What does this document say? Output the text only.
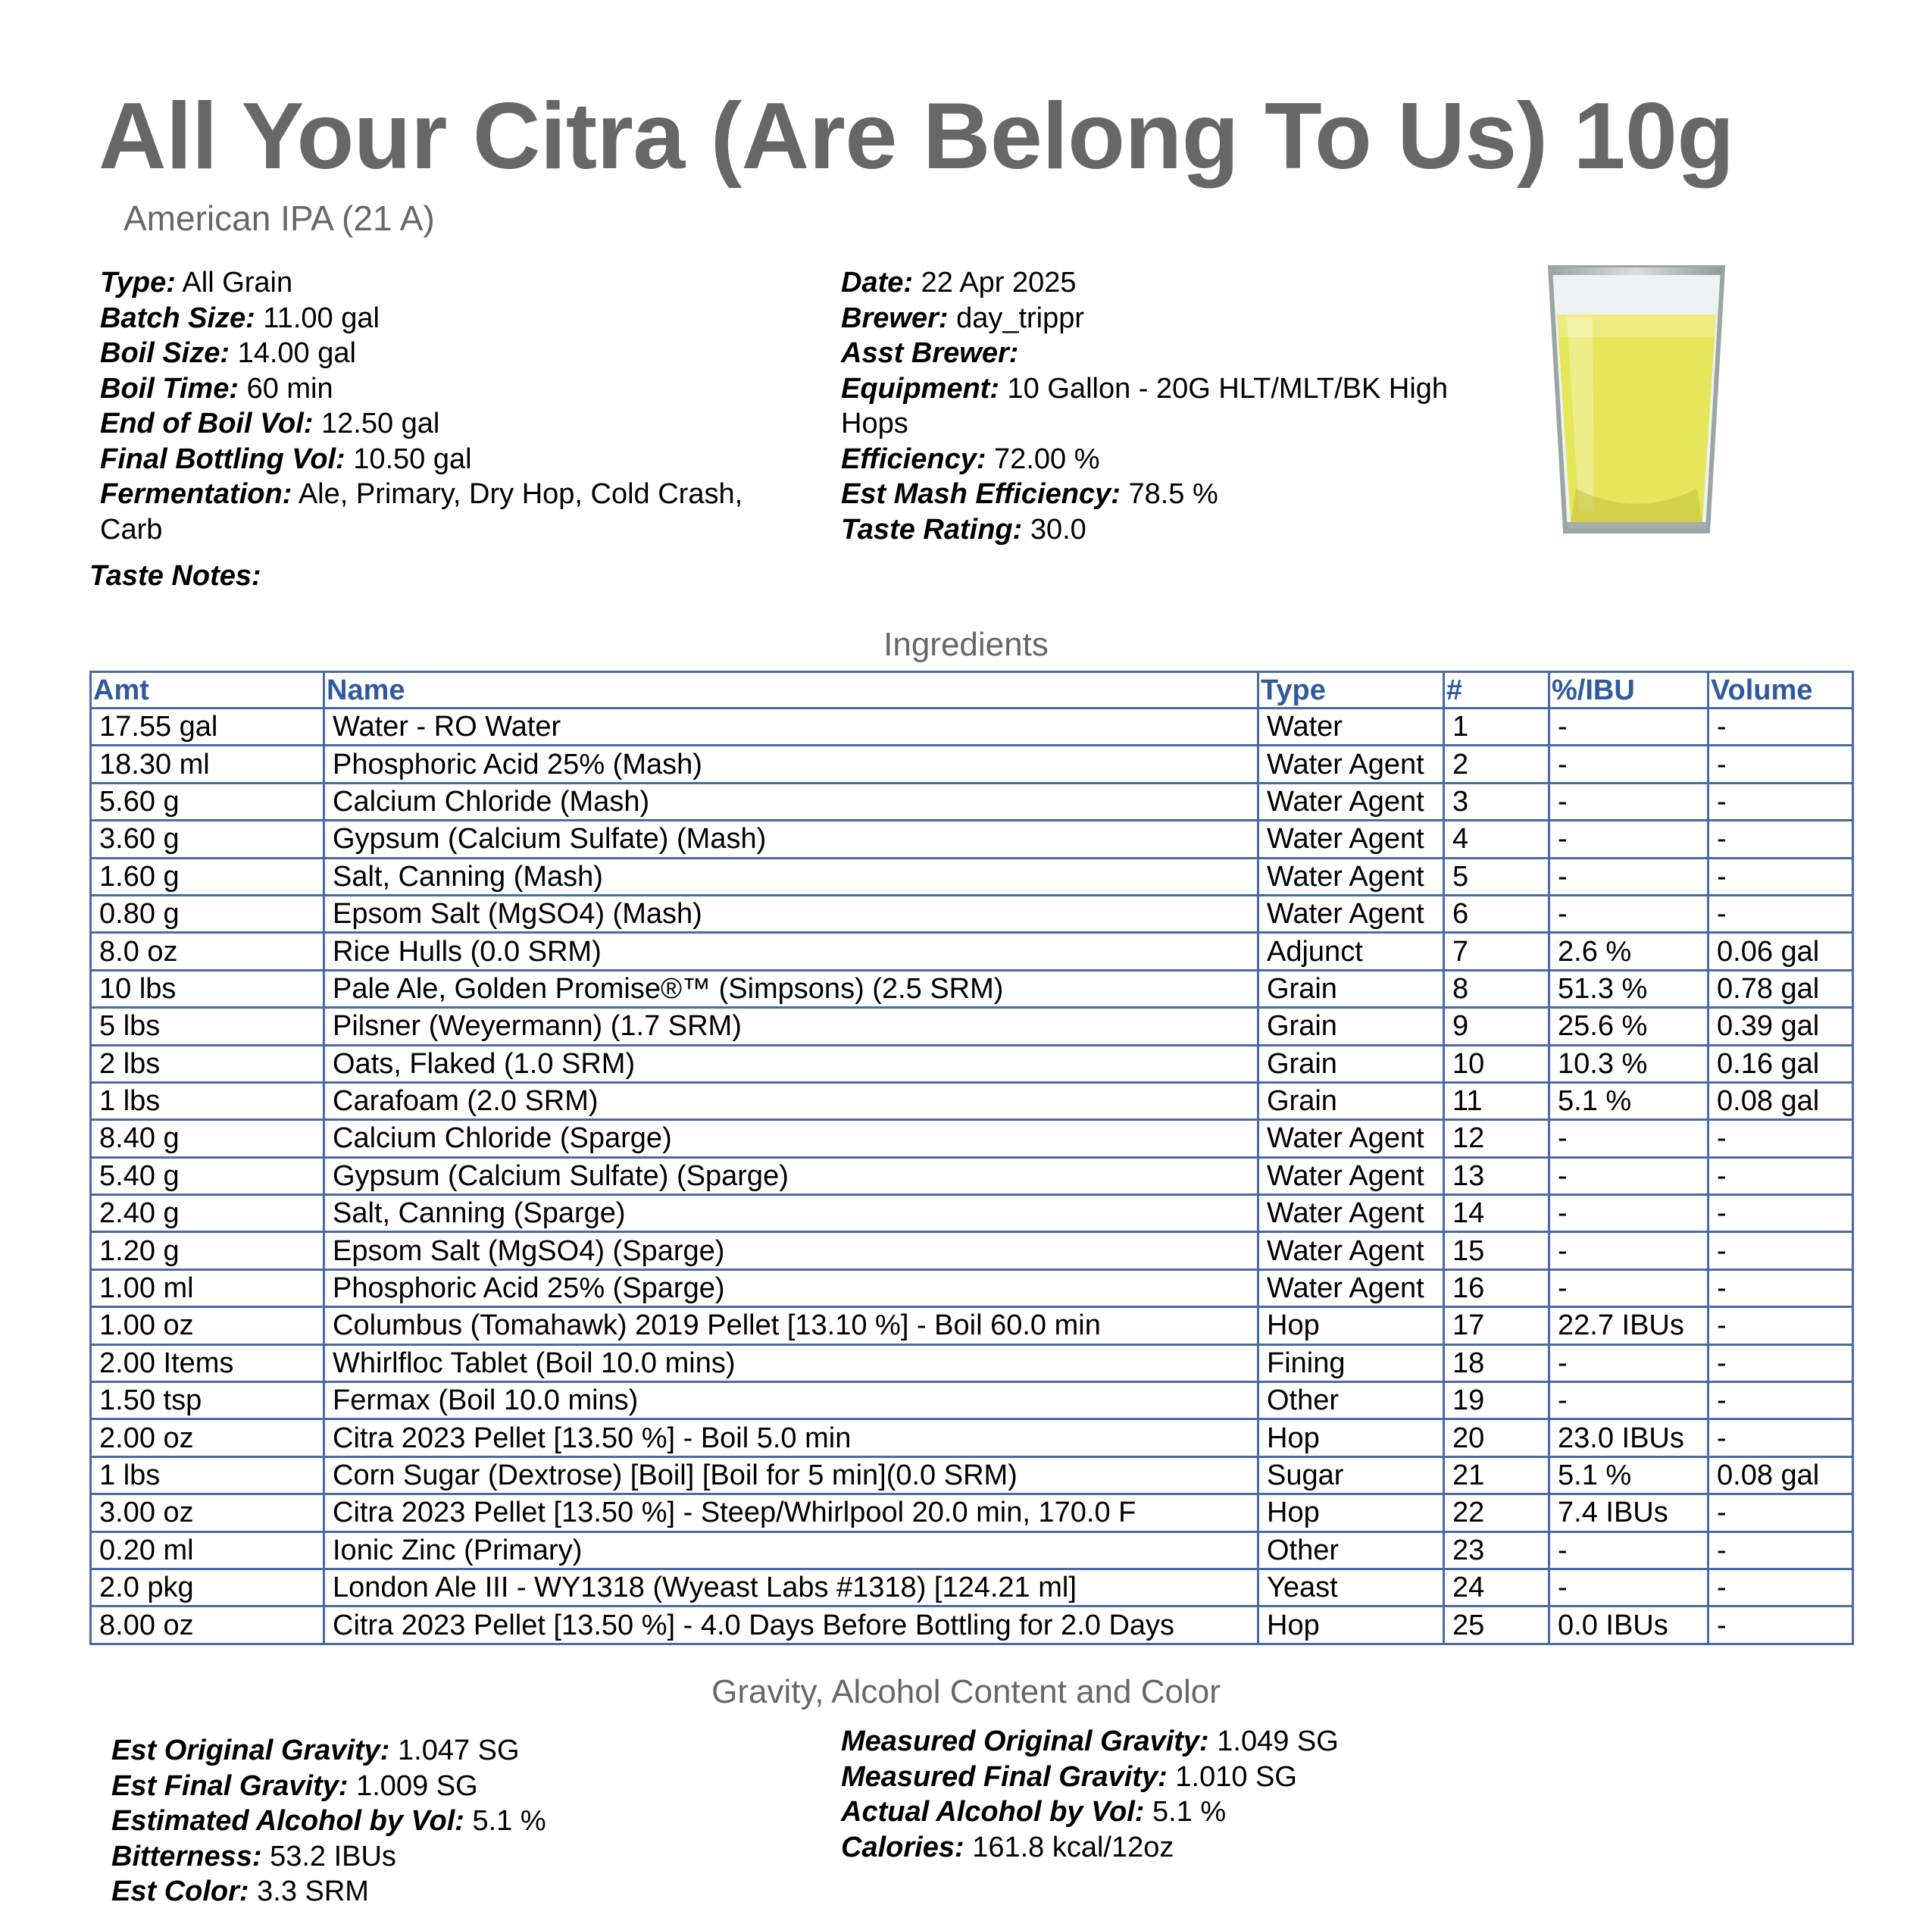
All Your Citra (Are Belong To Us) 10g
American IPA (21 A)
Type: All Grain
Batch Size: 11.00 gal
Boil Size: 14.00 gal
Boil Time: 60 min
End of Boil Vol: 12.50 gal
Final Bottling Vol: 10.50 gal
Fermentation: Ale, Primary, Dry Hop, Cold Crash, Carb
Date: 22 Apr 2025
Brewer: day_trippr
Asst Brewer:
Equipment: 10 Gallon - 20G HLT/MLT/BK High Hops
Efficiency: 72.00 %
Est Mash Efficiency: 78.5 %
Taste Rating: 30.0
Taste Notes:
Ingredients
Amt	Name	Type	#	%/IBU	Volume
17.55 gal	Water - RO Water	Water	1	-	-
18.30 ml	Phosphoric Acid 25% (Mash)	Water Agent	2	-	-
5.60 g	Calcium Chloride (Mash)	Water Agent	3	-	-
3.60 g	Gypsum (Calcium Sulfate) (Mash)	Water Agent	4	-	-
1.60 g	Salt, Canning (Mash)	Water Agent	5	-	-
0.80 g	Epsom Salt (MgSO4) (Mash)	Water Agent	6	-	-
8.0 oz	Rice Hulls (0.0 SRM)	Adjunct	7	2.6 %	0.06 gal
10 lbs	Pale Ale, Golden Promise®™ (Simpsons) (2.5 SRM)	Grain	8	51.3 %	0.78 gal
5 lbs	Pilsner (Weyermann) (1.7 SRM)	Grain	9	25.6 %	0.39 gal
2 lbs	Oats, Flaked (1.0 SRM)	Grain	10	10.3 %	0.16 gal
1 lbs	Carafoam (2.0 SRM)	Grain	11	5.1 %	0.08 gal
8.40 g	Calcium Chloride (Sparge)	Water Agent	12	-	-
5.40 g	Gypsum (Calcium Sulfate) (Sparge)	Water Agent	13	-	-
2.40 g	Salt, Canning (Sparge)	Water Agent	14	-	-
1.20 g	Epsom Salt (MgSO4) (Sparge)	Water Agent	15	-	-
1.00 ml	Phosphoric Acid 25% (Sparge)	Water Agent	16	-	-
1.00 oz	Columbus (Tomahawk) 2019 Pellet [13.10 %] - Boil 60.0 min	Hop	17	22.7 IBUs	-
2.00 Items	Whirlfloc Tablet (Boil 10.0 mins)	Fining	18	-	-
1.50 tsp	Fermax (Boil 10.0 mins)	Other	19	-	-
2.00 oz	Citra 2023 Pellet [13.50 %] - Boil 5.0 min	Hop	20	23.0 IBUs	-
1 lbs	Corn Sugar (Dextrose) [Boil] [Boil for 5 min](0.0 SRM)	Sugar	21	5.1 %	0.08 gal
3.00 oz	Citra 2023 Pellet [13.50 %] - Steep/Whirlpool 20.0 min, 170.0 F	Hop	22	7.4 IBUs	-
0.20 ml	Ionic Zinc (Primary)	Other	23	-	-
2.0 pkg	London Ale III - WY1318 (Wyeast Labs #1318) [124.21 ml]	Yeast	24	-	-
8.00 oz	Citra 2023 Pellet [13.50 %] - 4.0 Days Before Bottling for 2.0 Days	Hop	25	0.0 IBUs	-
Gravity, Alcohol Content and Color
Est Original Gravity: 1.047 SG
Est Final Gravity: 1.009 SG
Estimated Alcohol by Vol: 5.1 %
Bitterness: 53.2 IBUs
Est Color: 3.3 SRM
Measured Original Gravity: 1.049 SG
Measured Final Gravity: 1.010 SG
Actual Alcohol by Vol: 5.1 %
Calories: 161.8 kcal/12oz
